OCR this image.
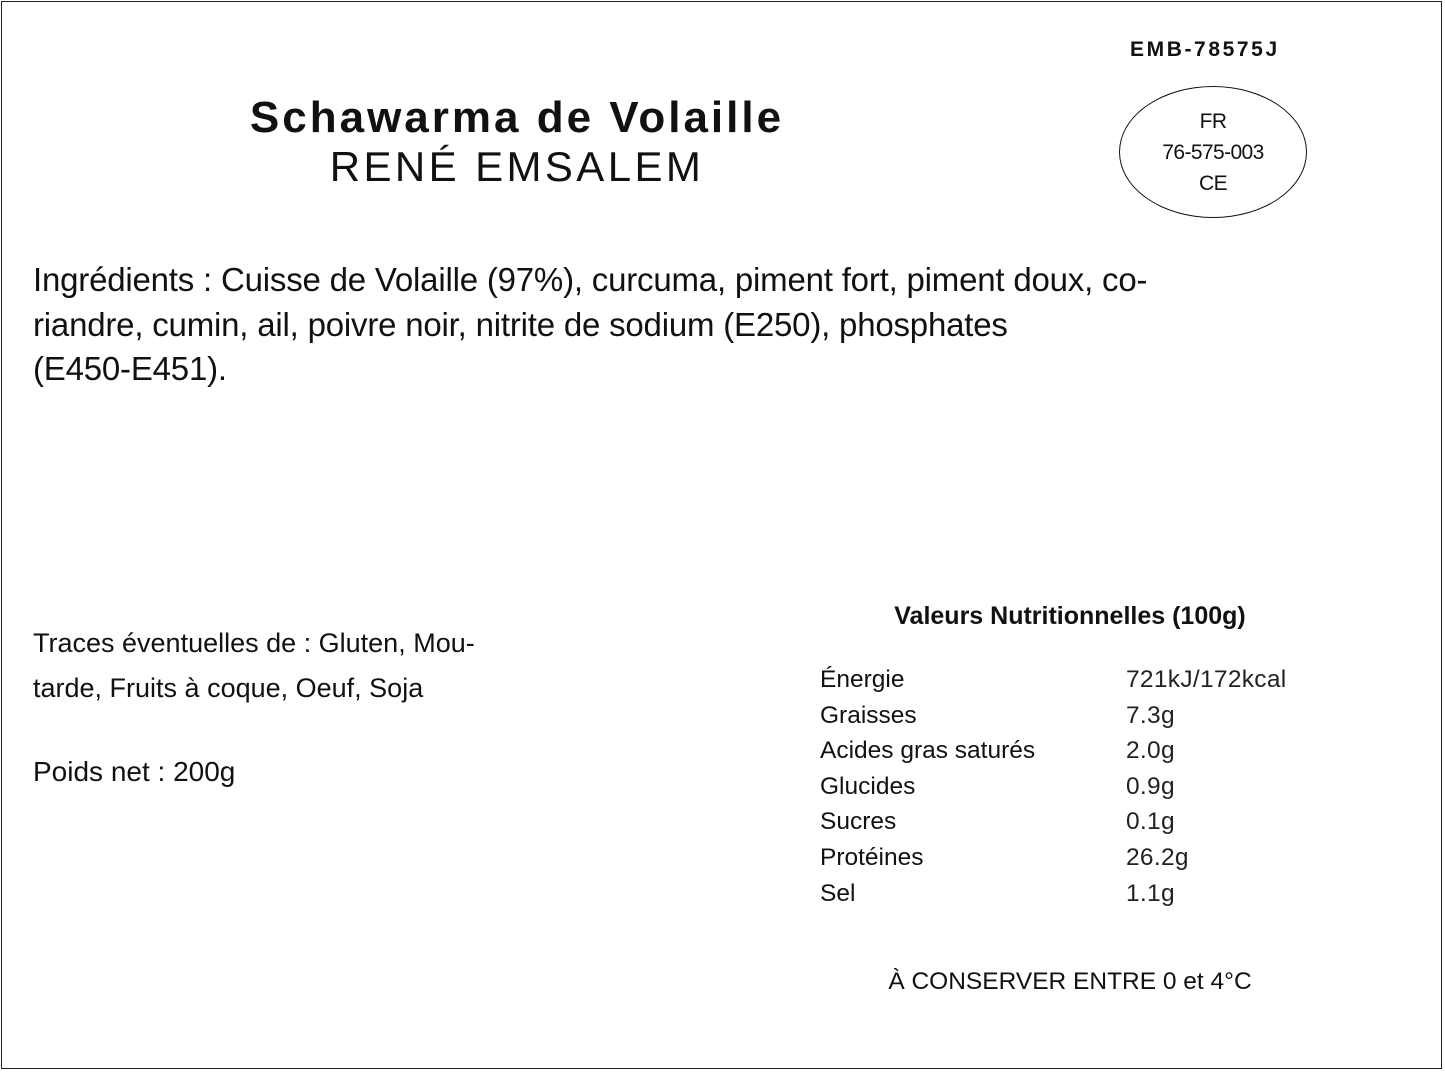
EMB-78575J
FR
76-575-003
CE
Schawarma de Volaille
RENÉ EMSALEM
Ingrédients : Cuisse de Volaille (97%), curcuma, piment fort, piment doux, co-
riandre, cumin, ail, poivre noir, nitrite de sodium (E250), phosphates
(E450-E451).
Traces éventuelles de : Gluten, Mou-
tarde, Fruits à coque, Oeuf, Soja
Poids net : 200g
Valeurs Nutritionnelles (100g)
Énergie	721kJ/172kcal
Graisses	7.3g
Acides gras saturés	2.0g
Glucides	0.9g
Sucres	0.1g
Protéines	26.2g
Sel	1.1g
À CONSERVER ENTRE 0 et 4°C
